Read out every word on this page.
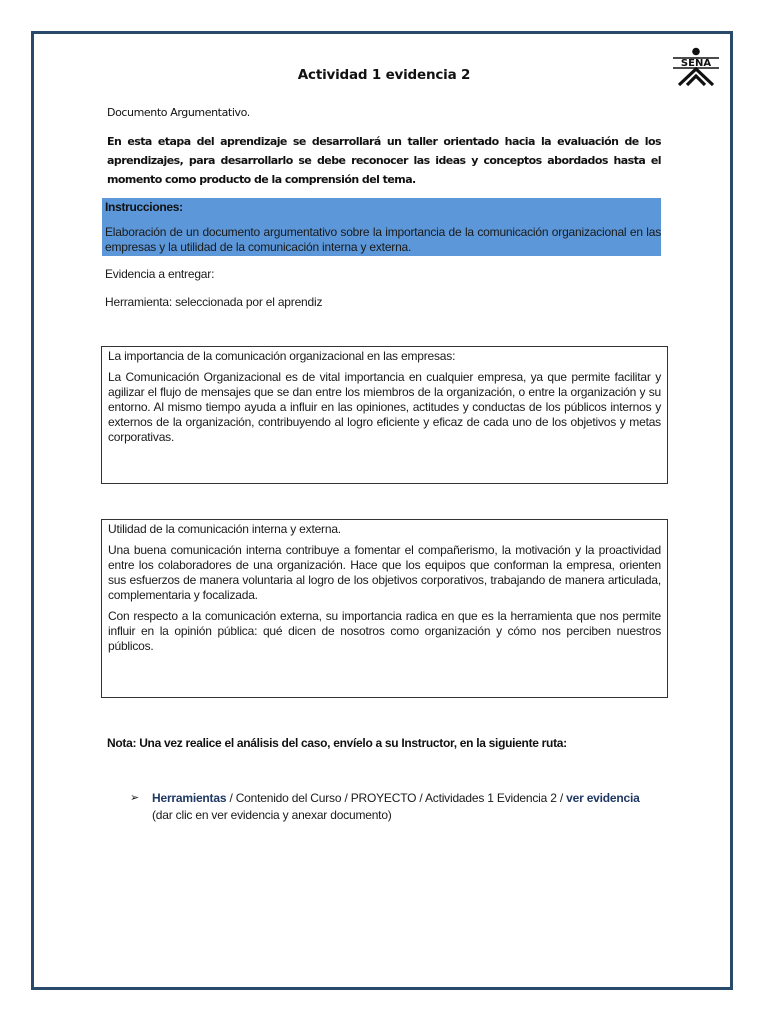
SENA
Actividad 1 evidencia 2
Documento Argumentativo.
En esta etapa del aprendizaje se desarrollará un taller orientado hacia la evaluación de los aprendizajes, para desarrollarlo se debe reconocer las ideas y conceptos abordados hasta el momento como producto de la comprensión del tema.
Instrucciones:
Elaboración de un documento argumentativo sobre la importancia de la comunicación organizacional en las empresas y la utilidad de la comunicación interna y externa.
Evidencia a entregar:
Herramienta: seleccionada por el aprendiz
La importancia de la comunicación organizacional en las empresas:

La Comunicación Organizacional es de vital importancia en cualquier empresa, ya que permite facilitar y agilizar el flujo de mensajes que se dan entre los miembros de la organización, o entre la organización y su entorno. Al mismo tiempo ayuda a influir en las opiniones, actitudes y conductas de los públicos internos y externos de la organización, contribuyendo al logro eficiente y eficaz de cada uno de los objetivos y metas corporativas.

Utilidad de la comunicación interna y externa.

Una buena comunicación interna contribuye a fomentar el compañerismo, la motivación y la proactividad entre los colaboradores de una organización. Hace que los equipos que conforman la empresa, orienten sus esfuerzos de manera voluntaria al logro de los objetivos corporativos, trabajando de manera articulada, complementaria y focalizada.

Con respecto a la comunicación externa, su importancia radica en que es la herramienta que nos permite influir en la opinión pública: qué dicen de nosotros como organización y cómo nos perciben nuestros públicos.

Nota: Una vez realice el análisis del caso, envíelo a su Instructor, en la siguiente ruta:
➢ Herramientas / Contenido del Curso / PROYECTO / Actividades 1 Evidencia 2 / ver evidencia (dar clic en ver evidencia y anexar documento)
